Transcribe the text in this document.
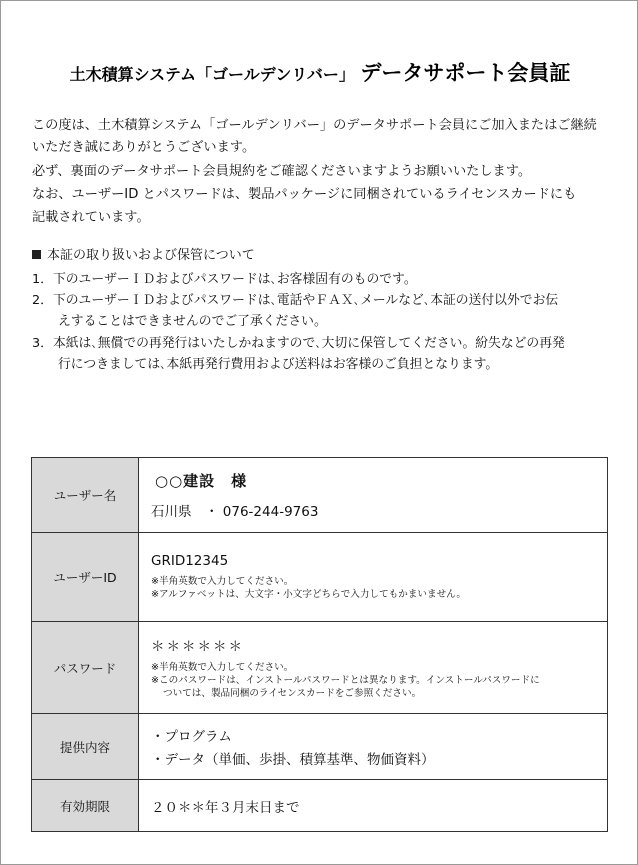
土木積算システム「ゴールデンリバー」 データサポート会員証
この度は、土木積算システム「ゴールデンリバー」のデータサポート会員にご加入またはご継続
いただき誠にありがとうございます。
必ず、裏面のデータサポート会員規約をご確認くださいますようお願いいたします。
なお、ユーザーID とパスワードは、製品パッケージに同梱されているライセンスカードにも
記載されています。
本証の取り扱いおよび保管について
1．下のユーザーＩＤおよびパスワードは､お客様固有のものです。
2．下のユーザーＩＤおよびパスワードは､電話やＦＡＸ､メールなど､本証の送付以外でお伝
えすることはできませんのでご了承ください。
3．本紙は､無償での再発行はいたしかねますので､大切に保管してください。紛失などの再発
行につきましては､本紙再発行費用および送料はお客様のご負担となります。
ユーザー名	○○建設　様
石川県　・ 076-244-9763

ユーザーID	GRID12345
※半角英数で入力してください。
※アルファベットは、大文字・小文字どちらで入力してもかまいません。

パスワード	＊＊＊＊＊＊
※半角英数で入力してください。
※このパスワードは、インストールパスワードとは異なります。インストールパスワードに
ついては、製品同梱のライセンスカードをご参照ください。

提供内容	・プログラム
・データ（単価、歩掛、積算基準、物価資料）

有効期限	２０＊＊年３月末日まで
